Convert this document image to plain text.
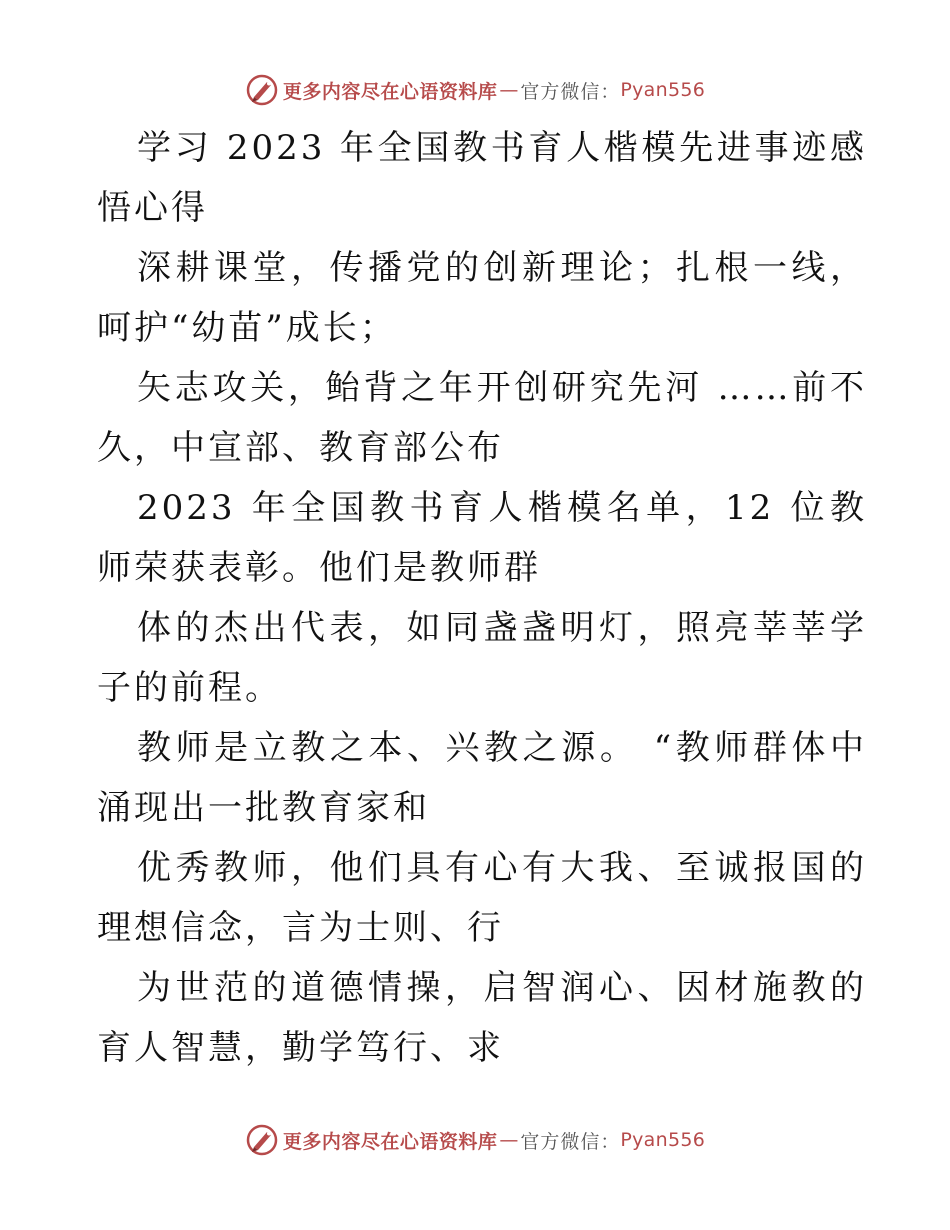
更多内容尽在心语资料库 — 官方微信： Pyan556

学习 2023 年全国教书育人楷模先进事迹感悟心得

深耕课堂，传播党的创新理论；扎根一线，呵护“幼苗”成长；

矢志攻关，鲐背之年开创研究先河 ……前不久，中宣部、教育部公布

2023 年全国教书育人楷模名单，12 位教师荣获表彰。他们是教师群

体的杰出代表，如同盏盏明灯，照亮莘莘学子的前程。

教师是立教之本、兴教之源。 “教师群体中涌现出一批教育家和

优秀教师，他们具有心有大我、至诚报国的理想信念，言为士则、行

为世范的道德情操，启智润心、因材施教的育人智慧，勤学笃行、求

更多内容尽在心语资料库 — 官方微信： Pyan556
